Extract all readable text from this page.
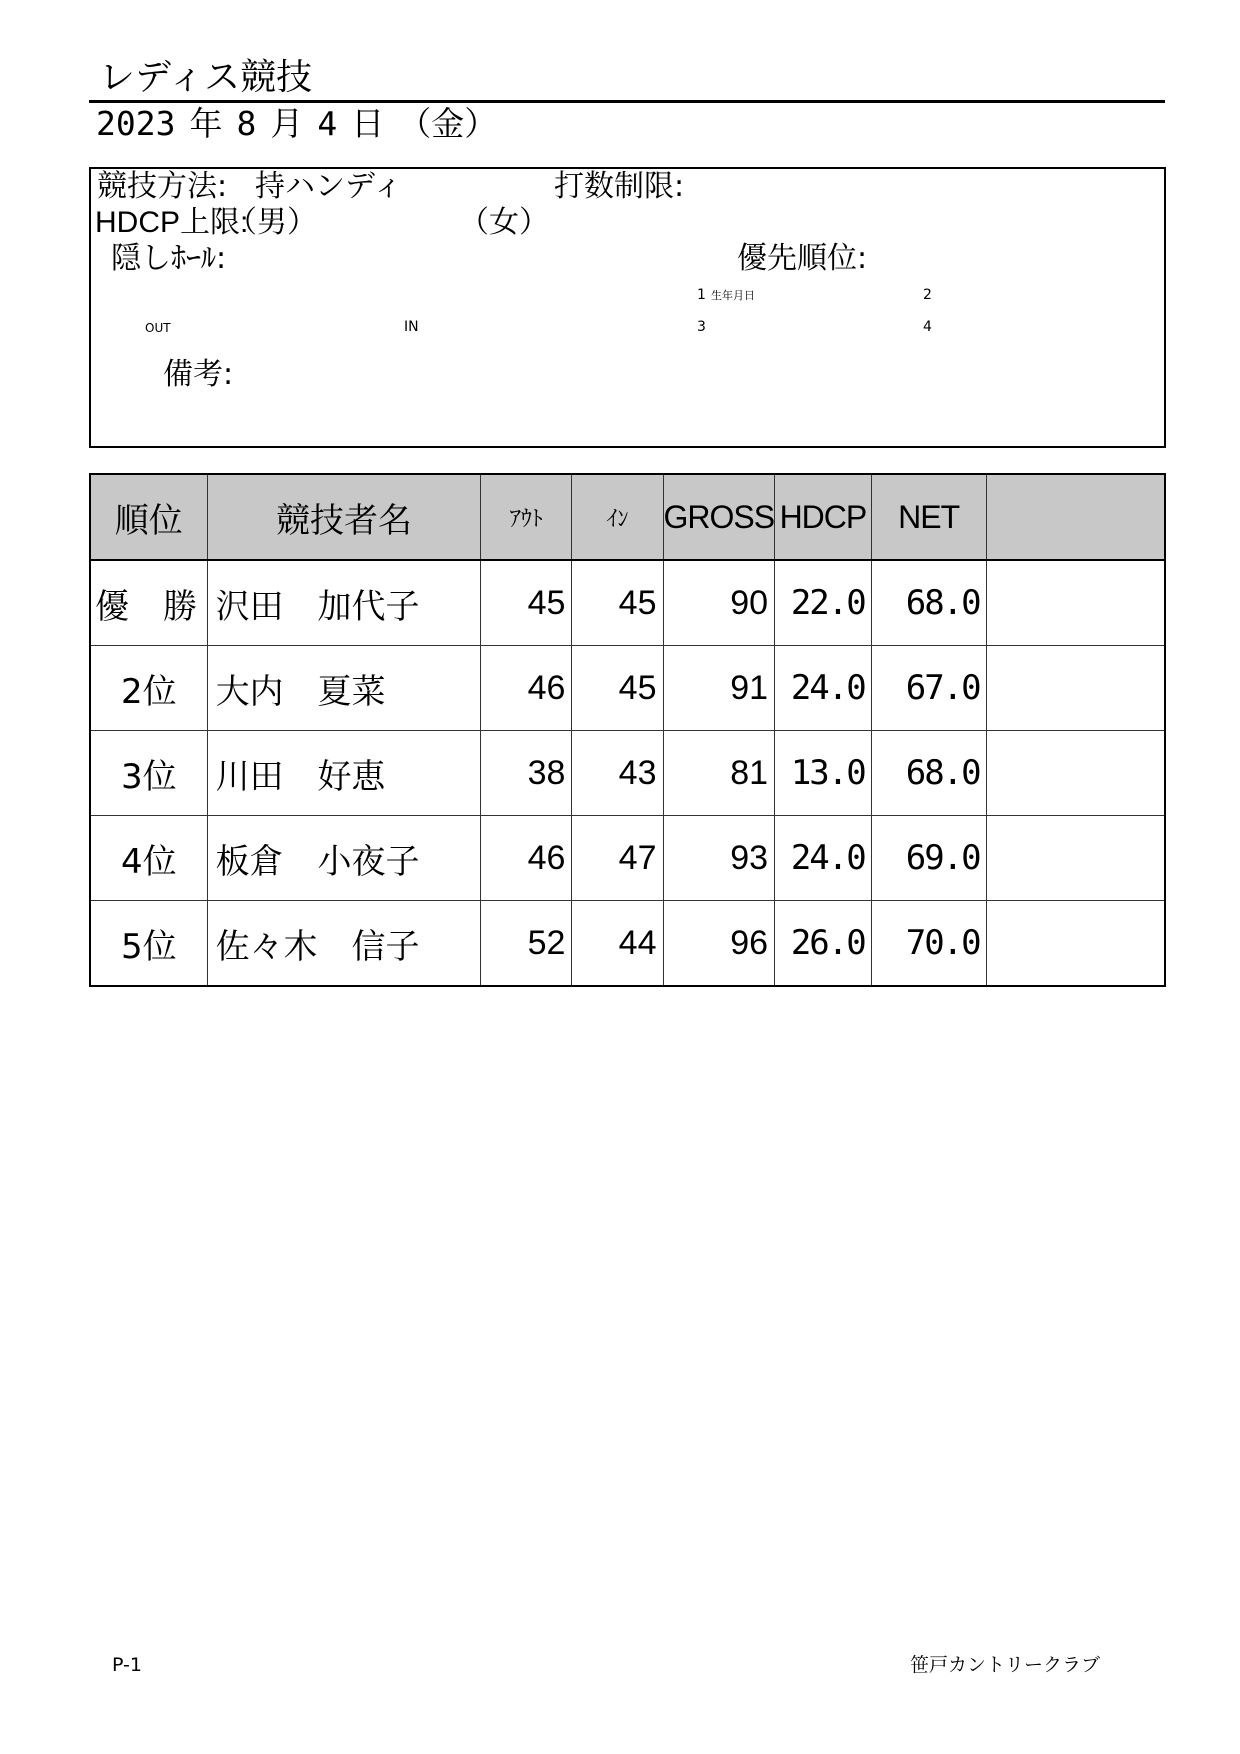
レディス競技
2023 年 8 月 4 日 （金）
競技方法: 持ハンディ	打数制限:
HDCP上限:
（男）	（女）
隠しﾎｰﾙ:	優先順位:
1 生年月日	2
OUT	IN	3	4
備考:
順位	競技者名	ｱｳﾄ	ｲﾝ	GROSS	HDCP	NET	
優　勝	沢田　加代子	45	45	90	22.0	68.0	
2位	大内　夏菜	46	45	91	24.0	67.0	
3位	川田　好恵	38	43	81	13.0	68.0	
4位	板倉　小夜子	46	47	93	24.0	69.0	
5位	佐々木　信子	52	44	96	26.0	70.0	
P-1	笹戸カントリークラブ
